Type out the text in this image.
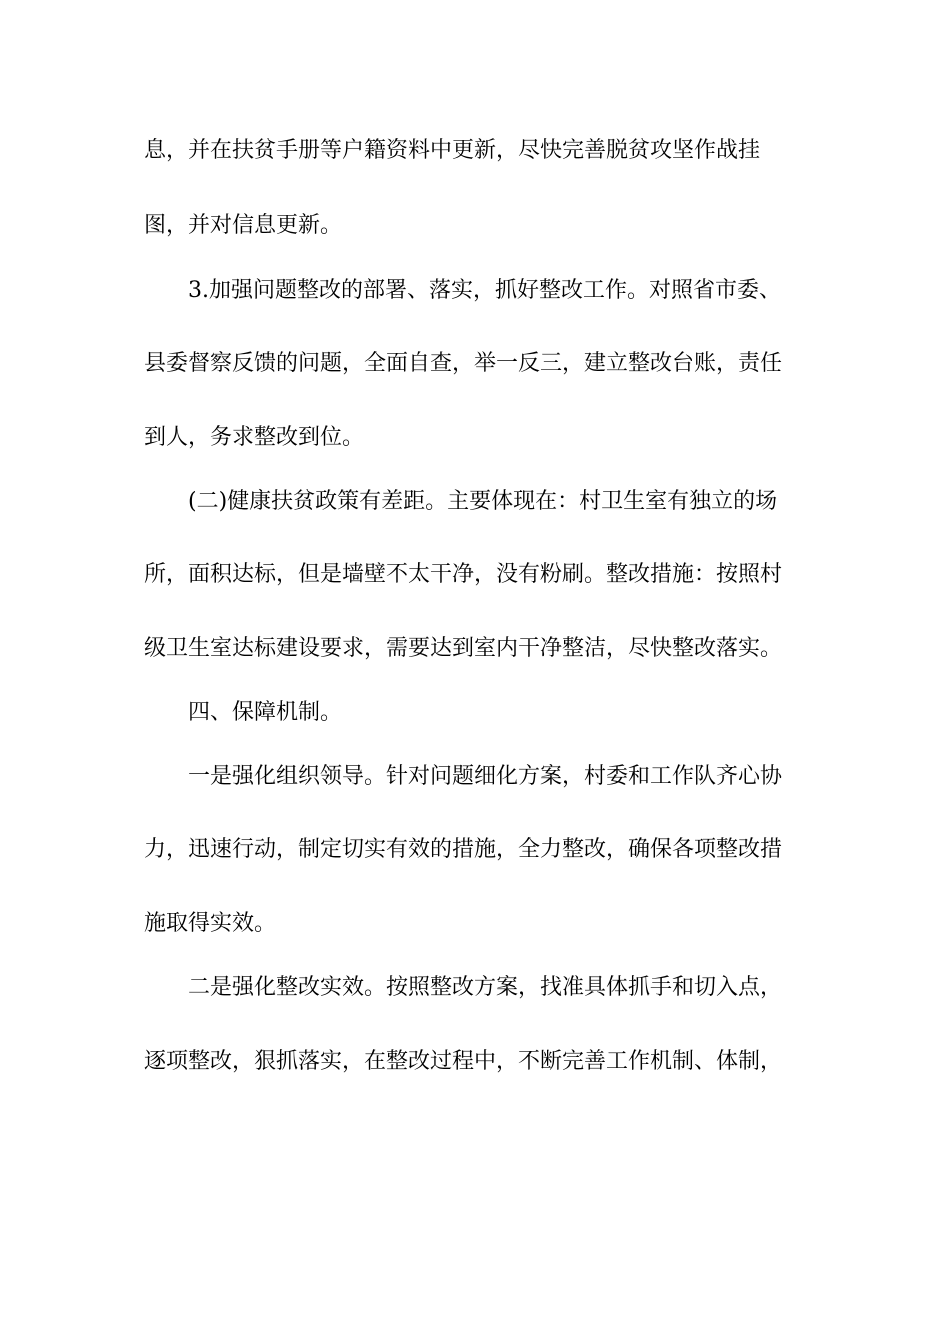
息，并在扶贫手册等户籍资料中更新，尽快完善脱贫攻坚作战挂
图，并对信息更新。
3.加强问题整改的部署、落实，抓好整改工作。对照省市委、
县委督察反馈的问题，全面自查，举一反三，建立整改台账，责任
到人，务求整改到位。
(二)健康扶贫政策有差距。主要体现在：村卫生室有独立的场
所，面积达标，但是墙壁不太干净，没有粉刷。整改措施：按照村
级卫生室达标建设要求，需要达到室内干净整洁，尽快整改落实。
四、保障机制。
一是强化组织领导。针对问题细化方案，村委和工作队齐心协
力，迅速行动，制定切实有效的措施，全力整改，确保各项整改措
施取得实效。
二是强化整改实效。按照整改方案，找准具体抓手和切入点，
逐项整改，狠抓落实，在整改过程中，不断完善工作机制、体制，
